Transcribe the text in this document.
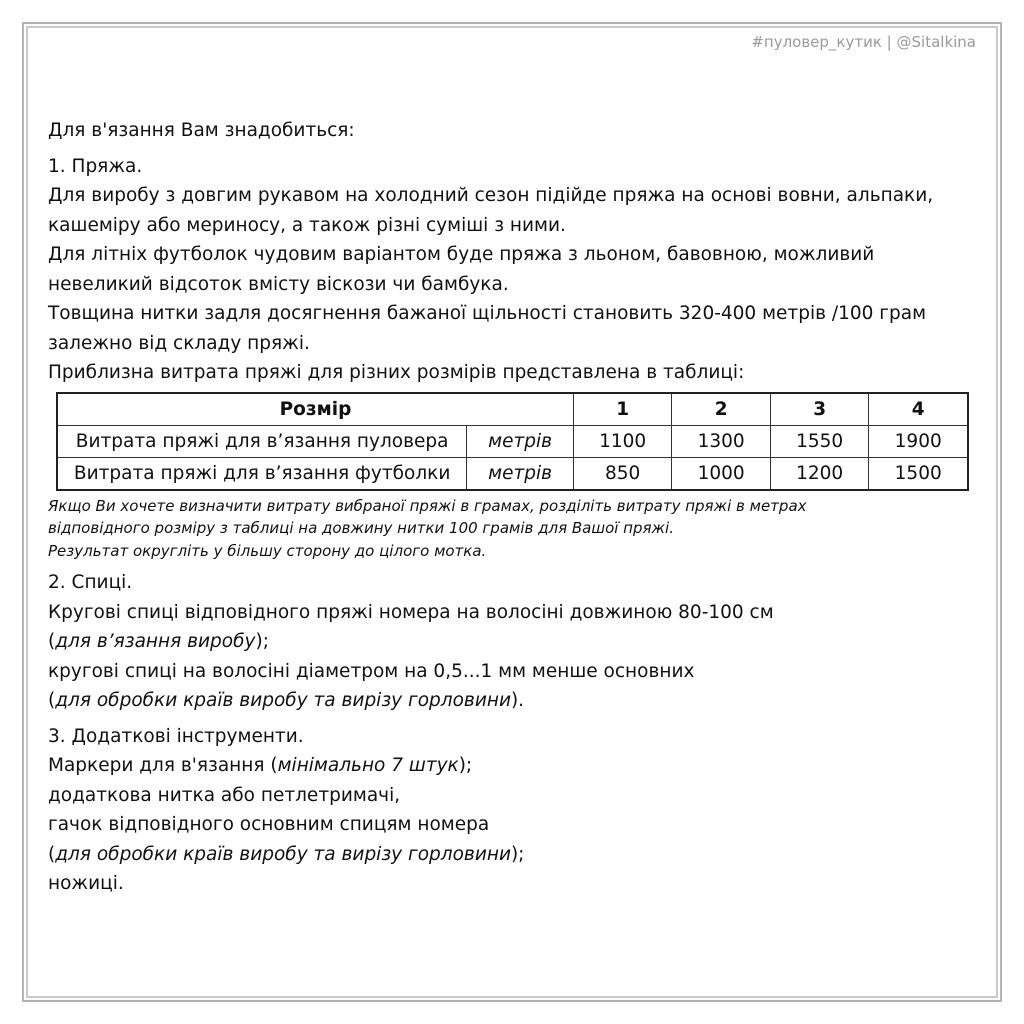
#пуловер_кутик | @Sitalkina

Для в'язання Вам знадобиться:

1. Пряжа.

Для виробу з довгим рукавом на холодний сезон підійде пряжа на основі вовни, альпаки,

кашеміру або мериносу, а також різні суміші з ними.

Для літніх футболок чудовим варіантом буде пряжа з льоном, бавовною, можливий

невеликий відсоток вмісту віскози чи бамбука.

Товщина нитки задля досягнення бажаної щільності становить 320-400 метрів /100 грам

залежно від складу пряжі.

Приблизна витрата пряжі для різних розмірів представлена в таблиці:

Розмір		1	2	3	4
Витрата пряжі для в’язання пуловера	метрів	1100	1300	1550	1900
Витрата пряжі для в’язання футболки	метрів	850	1000	1200	1500

Якщо Ви хочете визначити витрату вибраної пряжі в грамах, розділіть витрату пряжі в метрах

відповідного розміру з таблиці на довжину нитки 100 грамів для Вашої пряжі.

Результат округліть у більшу сторону до цілого мотка.

2. Спиці.

Кругові спиці відповідного пряжі номера на волосіні довжиною 80-100 см

(для в’язання виробу);

кругові спиці на волосіні діаметром на 0,5...1 мм менше основних

(для обробки країв виробу та вирізу горловини).

3. Додаткові інструменти.

Маркери для в'язання (мінімально 7 штук);

додаткова нитка або петлетримачі,

гачок відповідного основним спицям номера

(для обробки країв виробу та вирізу горловини);

ножиці.
